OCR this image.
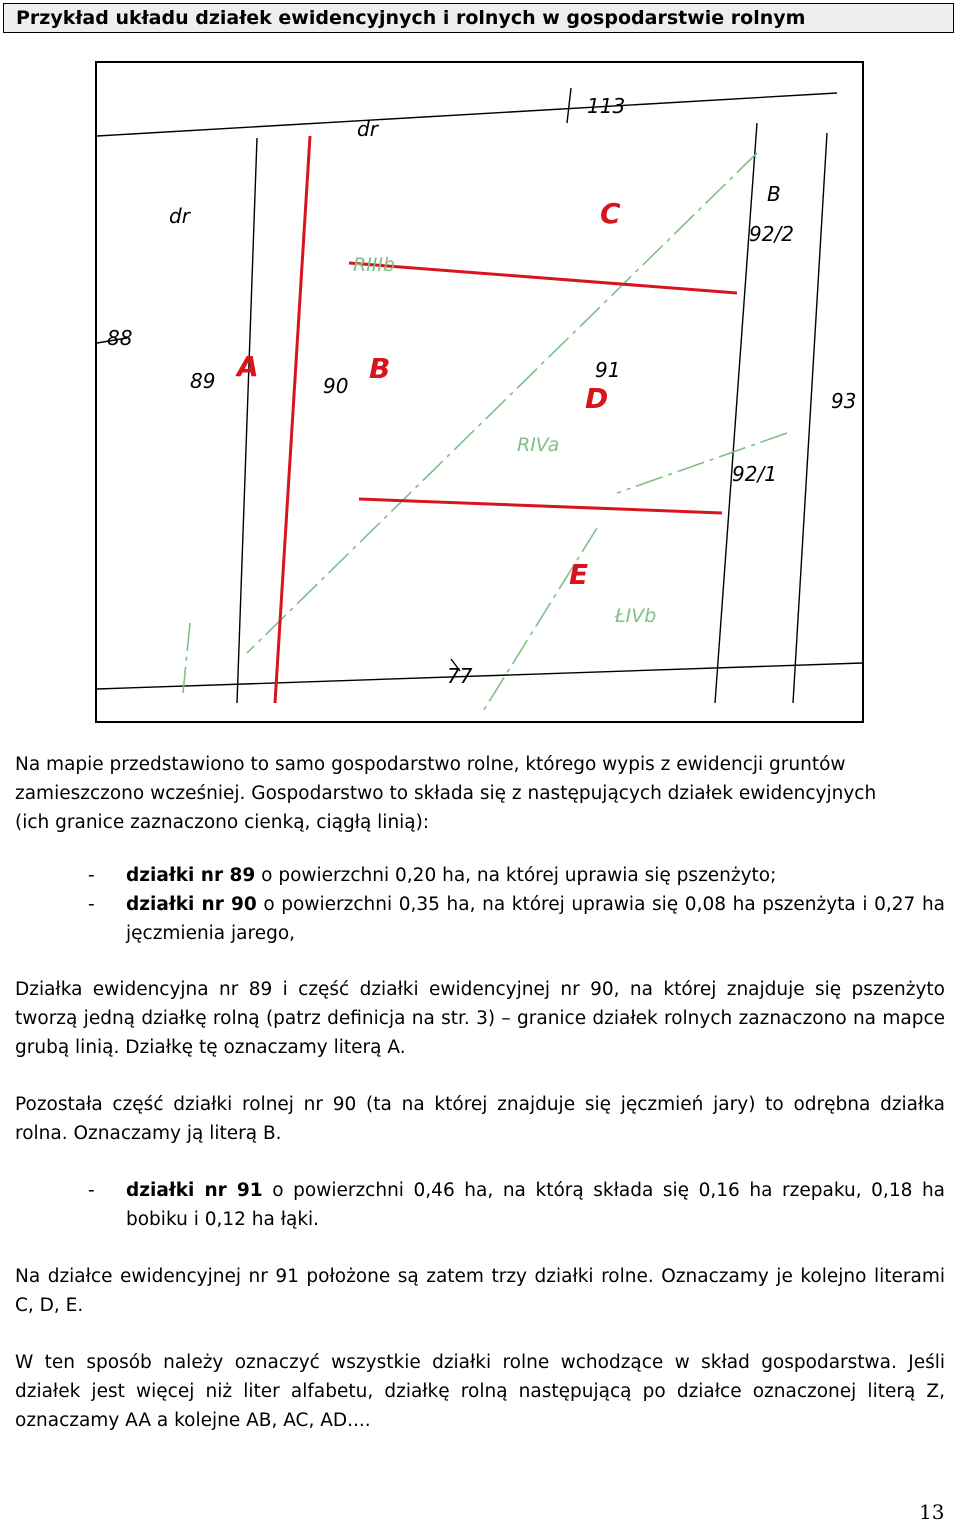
Przykład układu działek ewidencyjnych i rolnych w gospodarstwie rolnym
113
dr
dr
88
89	90
91
B
92/2
92/1
93
77
RIIIb
RIVa
ŁIVb
A	B
C
D
E
Na mapie przedstawiono to samo gospodarstwo rolne, którego wypis z ewidencji gruntów
zamieszczono wcześniej. Gospodarstwo to składa się z następujących działek ewidencyjnych
(ich granice zaznaczono cienką, ciągłą linią):
- działki nr 89 o powierzchni 0,20 ha, na której uprawia się pszenżyto;
- działki nr 90 o powierzchni 0,35 ha, na której uprawia się 0,08 ha pszenżyta i 0,27 ha jęczmienia jarego,
Działka ewidencyjna nr 89 i część działki ewidencyjnej nr 90, na której znajduje się pszenżyto tworzą jedną działkę rolną (patrz definicja na str. 3) – granice działek rolnych zaznaczono na mapce grubą linią. Działkę tę oznaczamy literą A.
Pozostała część działki rolnej nr 90 (ta na której znajduje się jęczmień jary) to odrębna działka rolna. Oznaczamy ją literą B.
- działki nr 91 o powierzchni 0,46 ha, na którą składa się 0,16 ha rzepaku, 0,18 ha bobiku i 0,12 ha łąki.
Na działce ewidencyjnej nr 91 położone są zatem trzy działki rolne. Oznaczamy je kolejno literami C, D, E.
W ten sposób należy oznaczyć wszystkie działki rolne wchodzące w skład gospodarstwa. Jeśli działek jest więcej niż liter alfabetu, działkę rolną następującą po działce oznaczonej literą Z, oznaczamy AA a kolejne AB, AC, AD....
13
